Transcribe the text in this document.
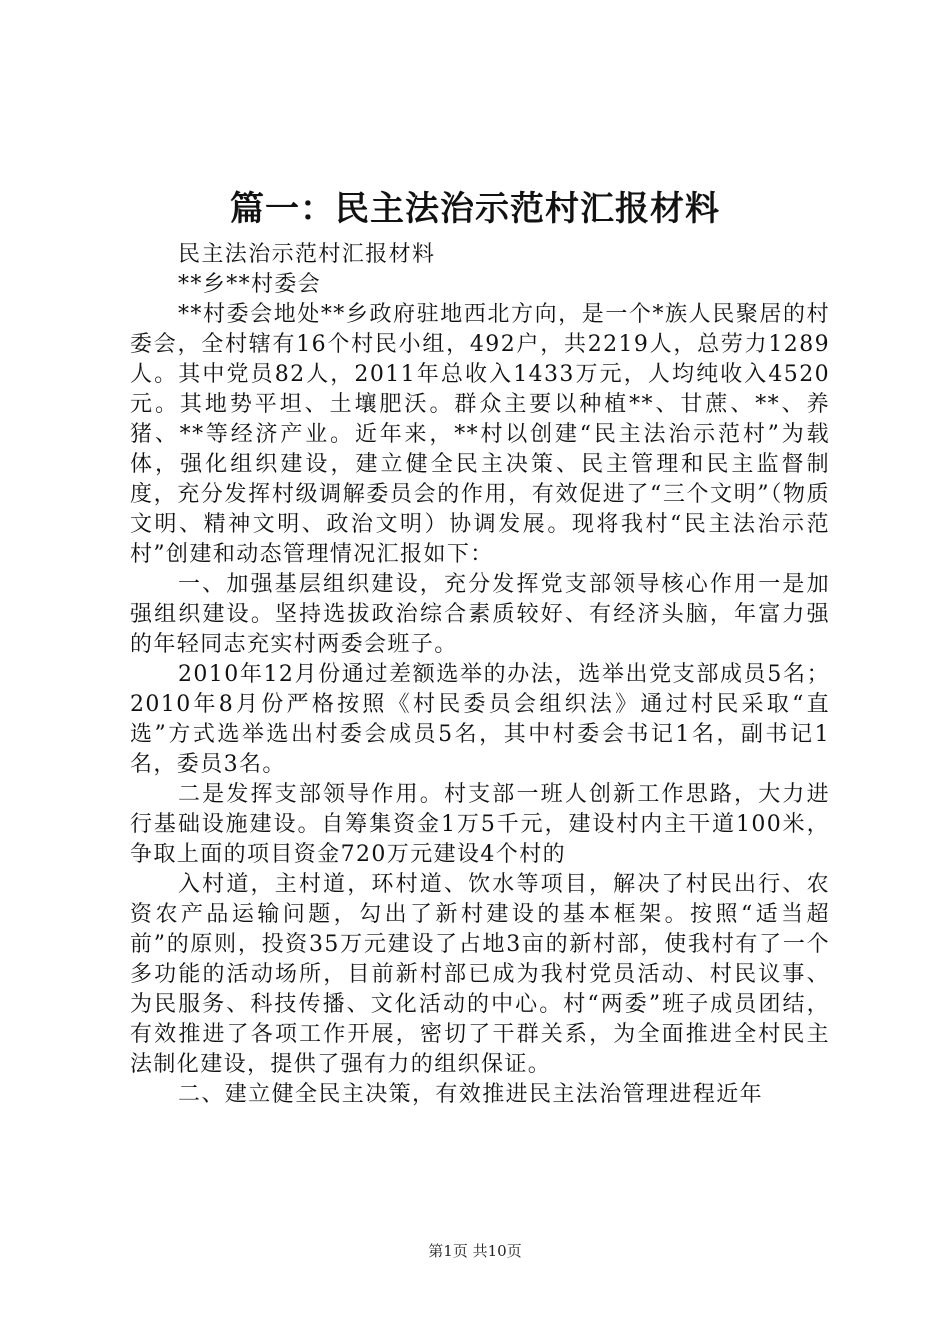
篇一：民主法治示范村汇报材料

民主法治示范村汇报材料

**乡**村委会

**村委会地处**乡政府驻地西北方向，是一个*族人民聚居的村委会，全村辖有16个村民小组，492户，共2219人，总劳力1289人。其中党员82人，2011年总收入1433万元，人均纯收入4520元。其地势平坦、土壤肥沃。群众主要以种植**、甘蔗、**、养猪、**等经济产业。近年来，**村以创建“民主法治示范村”为载体，强化组织建设，建立健全民主决策、民主管理和民主监督制度，充分发挥村级调解委员会的作用，有效促进了“三个文明”（物质文明、精神文明、政治文明）协调发展。现将我村“民主法治示范村”创建和动态管理情况汇报如下：

一、加强基层组织建设，充分发挥党支部领导核心作用一是加强组织建设。坚持选拔政治综合素质较好、有经济头脑，年富力强的年轻同志充实村两委会班子。

2010年12月份通过差额选举的办法，选举出党支部成员5名；2010年8月份严格按照《村民委员会组织法》通过村民采取“直选”方式选举选出村委会成员5名，其中村委会书记1名，副书记1名，委员3名。

二是发挥支部领导作用。村支部一班人创新工作思路，大力进行基础设施建设。自筹集资金1万5千元，建设村内主干道100米，争取上面的项目资金720万元建设4个村的

入村道，主村道，环村道、饮水等项目，解决了村民出行、农资农产品运输问题，勾出了新村建设的基本框架。按照“适当超前”的原则，投资35万元建设了占地3亩的新村部，使我村有了一个多功能的活动场所，目前新村部已成为我村党员活动、村民议事、为民服务、科技传播、文化活动的中心。村“两委”班子成员团结，有效推进了各项工作开展，密切了干群关系，为全面推进全村民主法制化建设，提供了强有力的组织保证。

二、建立健全民主决策，有效推进民主法治管理进程近年

第1页 共10页
